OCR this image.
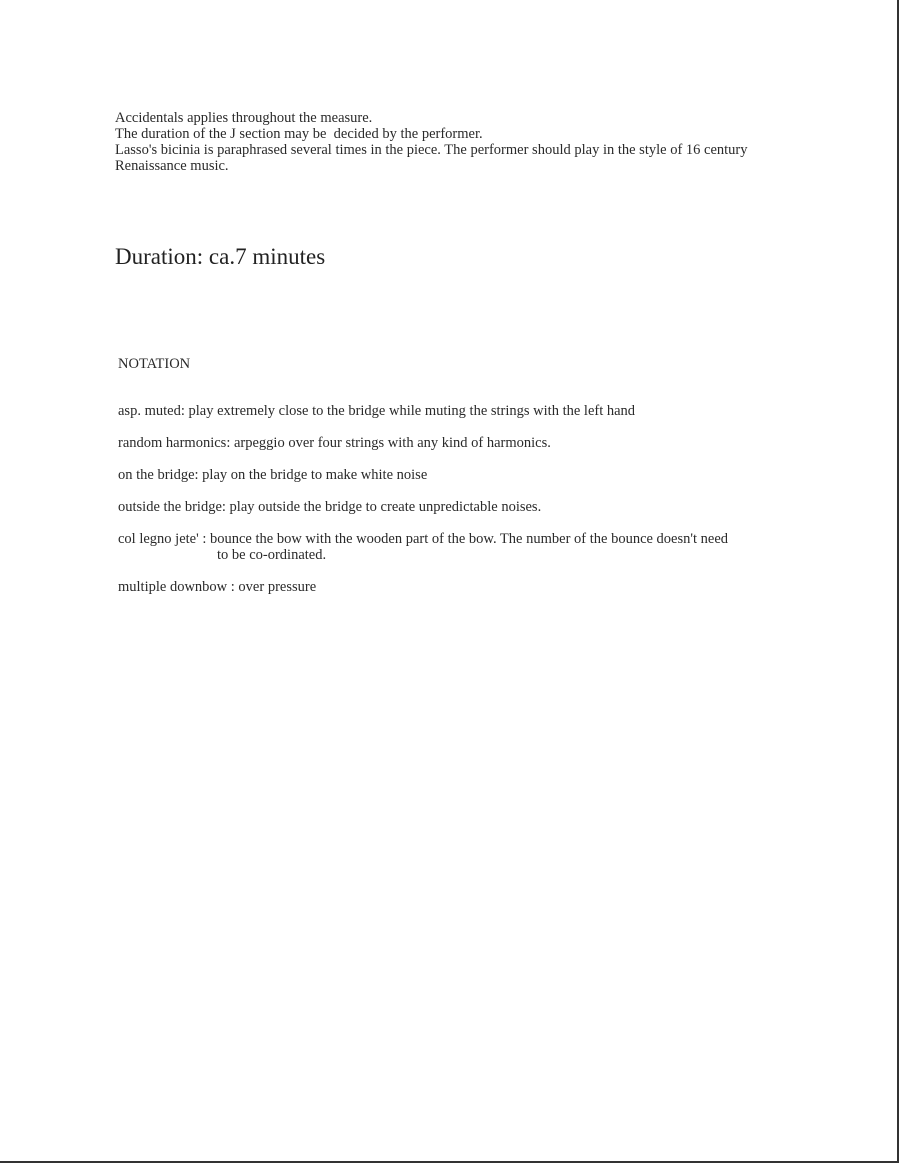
Accidentals applies throughout the measure.
The duration of the J section may be  decided by the performer.
Lasso's bicinia is paraphrased several times in the piece. The performer should play in the style of 16 century
Renaissance music.
Duration: ca.7 minutes
NOTATION
asp. muted: play extremely close to the bridge while muting the strings with the left hand
random harmonics: arpeggio over four strings with any kind of harmonics.
on the bridge: play on the bridge to make white noise
outside the bridge: play outside the bridge to create unpredictable noises.
col legno jete' : bounce the bow with the wooden part of the bow. The number of the bounce doesn't need
to be co-ordinated.
multiple downbow : over pressure
